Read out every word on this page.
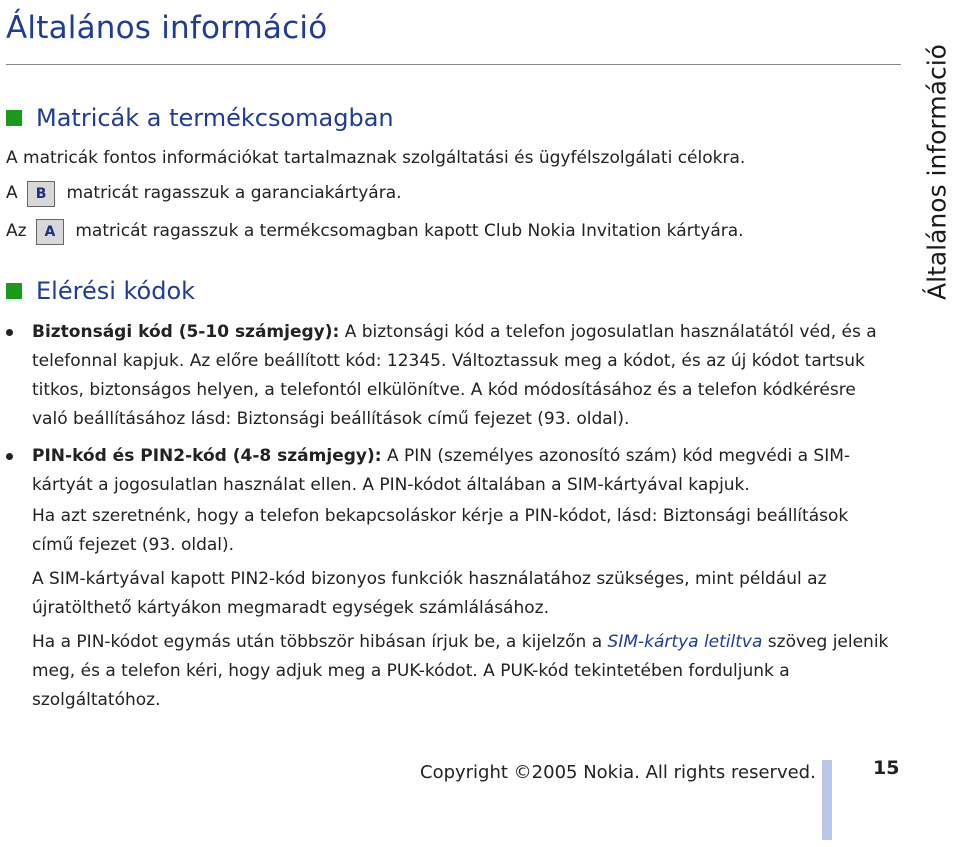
Általános információ
Általános információ
Matricák a termékcsomagban
A matricák fontos információkat tartalmaznak szolgáltatási és ügyfélszolgálati célokra.
A B matricát ragasszuk a garanciakártyára.
Az A matricát ragasszuk a termékcsomagban kapott Club Nokia Invitation kártyára.
Elérési kódok
Biztonsági kód (5-10 számjegy): A biztonsági kód a telefon jogosulatlan használatától véd, és a telefonnal kapjuk. Az előre beállított kód: 12345. Változtassuk meg a kódot, és az új kódot tartsuk titkos, biztonságos helyen, a telefontól elkülönítve. A kód módosításához és a telefon kódkérésre való beállításához lásd: Biztonsági beállítások című fejezet (93. oldal).
PIN-kód és PIN2-kód (4-8 számjegy): A PIN (személyes azonosító szám) kód megvédi a SIM-kártyát a jogosulatlan használat ellen. A PIN-kódot általában a SIM-kártyával kapjuk.

Ha azt szeretnénk, hogy a telefon bekapcsoláskor kérje a PIN-kódot, lásd: Biztonsági beállítások című fejezet (93. oldal).

A SIM-kártyával kapott PIN2-kód bizonyos funkciók használatához szükséges, mint például az újratölthető kártyákon megmaradt egységek számlálásához.

Ha a PIN-kódot egymás után többször hibásan írjuk be, a kijelzőn a SIM-kártya letiltva szöveg jelenik meg, és a telefon kéri, hogy adjuk meg a PUK-kódot. A PUK-kód tekintetében forduljunk a szolgáltatóhoz.

Copyright ©2005 Nokia. All rights reserved.	15
